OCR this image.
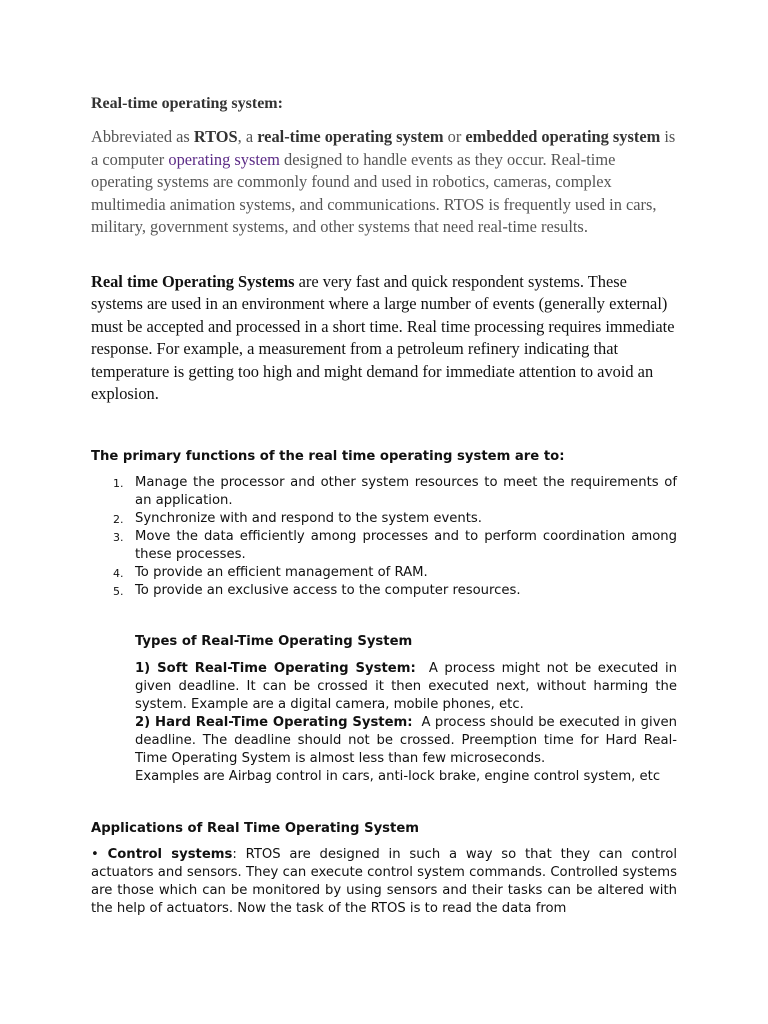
Real-time operating system:

Abbreviated as RTOS, a real-time operating system or embedded operating system is a computer operating system designed to handle events as they occur. Real-time operating systems are commonly found and used in robotics, cameras, complex multimedia animation systems, and communications. RTOS is frequently used in cars, military, government systems, and other systems that need real-time results.

Real time Operating Systems are very fast and quick respondent systems. These systems are used in an environment where a large number of events (generally external) must be accepted and processed in a short time. Real time processing requires immediate response. For example, a measurement from a petroleum refinery indicating that temperature is getting too high and might demand for immediate attention to avoid an explosion.

The primary functions of the real time operating system are to:
1. Manage the processor and other system resources to meet the requirements of an application.
2. Synchronize with and respond to the system events.
3. Move the data efficiently among processes and to perform coordination among these processes.
4. To provide an efficient management of RAM.
5. To provide an exclusive access to the computer resources.
Types of Real-Time Operating System

1) Soft Real-Time Operating System:  A process might not be executed in given deadline. It can be crossed it then executed next, without harming the system. Example are a digital camera, mobile phones, etc.

2) Hard Real-Time Operating System:  A process should be executed in given deadline. The deadline should not be crossed. Preemption time for Hard Real-Time Operating System is almost less than few microseconds.

Examples are Airbag control in cars, anti-lock brake, engine control system, etc

Applications of Real Time Operating System

• Control systems: RTOS are designed in such a way so that they can control actuators and sensors. They can execute control system commands. Controlled systems are those which can be monitored by using sensors and their tasks can be altered with the help of actuators. Now the task of the RTOS is to read the data from
